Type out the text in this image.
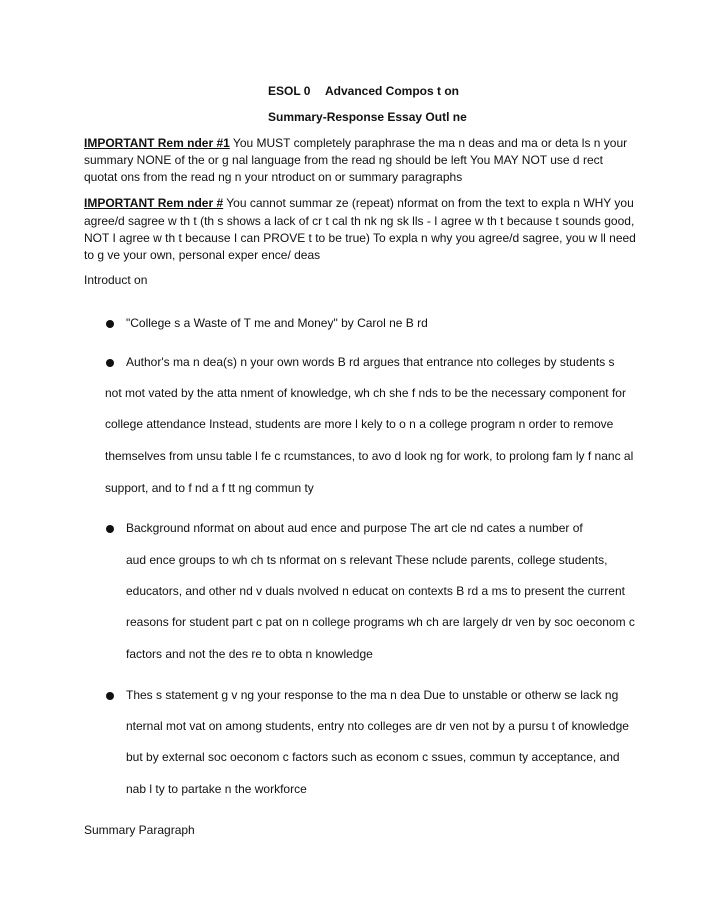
ESOL 0 Advanced Compos t on
Summary-Response Essay Outl ne
IMPORTANT Rem nder #1 You MUST completely paraphrase the ma n deas and ma or deta ls n your
summary NONE of the or g nal language from the read ng should be left You MAY NOT use d rect
quotat ons from the read ng n your ntroduct on or summary paragraphs
IMPORTANT Rem nder # You cannot summar ze (repeat) nformat on from the text to expla n WHY you
agree/d sagree w th t (th s shows a lack of cr t cal th nk ng sk lls - I agree w th t because t sounds good,
NOT I agree w th t because I can PROVE t to be true) To expla n why you agree/d sagree, you w ll need
to g ve your own, personal exper ence/ deas
Introduct on
"College s a Waste of T me and Money" by Carol ne B rd
Author's ma n dea(s) n your own words B rd argues that entrance nto colleges by students s
not mot vated by the atta nment of knowledge, wh ch she f nds to be the necessary component for
college attendance Instead, students are more l kely to o n a college program n order to remove
themselves from unsu table l fe c rcumstances, to avo d look ng for work, to prolong fam ly f nanc al
support, and to f nd a f tt ng commun ty
Background nformat on about aud ence and purpose The art cle nd cates a number of
aud ence groups to wh ch ts nformat on s relevant These nclude parents, college students,
educators, and other nd v duals nvolved n educat on contexts B rd a ms to present the current
reasons for student part c pat on n college programs wh ch are largely dr ven by soc oeconom c
factors and not the des re to obta n knowledge
Thes s statement g v ng your response to the ma n dea Due to unstable or otherw se lack ng
nternal mot vat on among students, entry nto colleges are dr ven not by a pursu t of knowledge
but by external soc oeconom c factors such as econom c ssues, commun ty acceptance, and
nab l ty to partake n the workforce
Summary Paragraph
